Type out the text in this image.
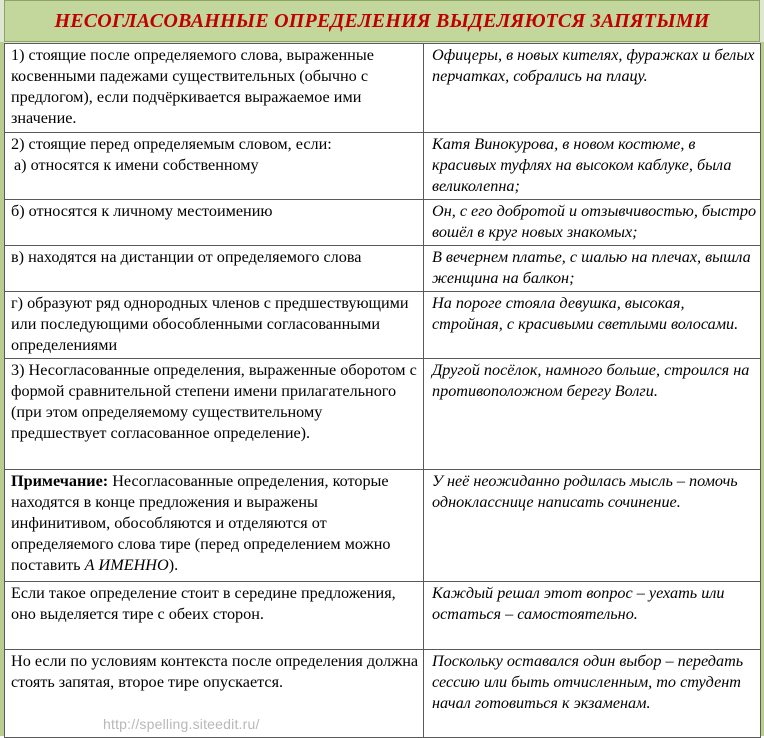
НЕСОГЛАСОВАННЫЕ ОПРЕДЕЛЕНИЯ ВЫДЕЛЯЮТСЯ ЗАПЯТЫМИ
1) стоящие после определяемого слова, выраженные косвенными падежами существительных (обычно с предлогом), если подчёркивается выражаемое ими значение.	Офицеры, в новых кителях, фуражках и белых перчатках, собрались на плацу.

2) стоящие перед определяемым словом, если:
а) относятся к имени собственному	Катя Винокурова, в новом костюме, в красивых туфлях на высоком каблуке, была великолепна;
б) относятся к личному местоимению	Он, с его добротой и отзывчивостью, быстро вошёл в круг новых знакомых;
в) находятся на дистанции от определяемого слова	В вечернем платье, с шалью на плечах, вышла женщина на балкон;
г) образуют ряд однородных членов с предшествующими или последующими обособленными согласованными определениями	На пороге стояла девушка, высокая, стройная, с красивыми светлыми волосами.
3) Несогласованные определения, выраженные оборотом с формой сравнительной степени имени прилагательного (при этом определяемому существительному предшествует согласованное определение).	Другой посёлок, намного больше, строился на противоположном берегу Волги.
Примечание: Несогласованные определения, которые находятся в конце предложения и выражены инфинитивом, обособляются и отделяются от определяемого слова тире (перед определением можно поставить А ИМЕННО).	У неё неожиданно родилась мысль – помочь однокласснице написать сочинение.
Если такое определение стоит в середине предложения, оно выделяется тире с обеих сторон.	Каждый решал этот вопрос – уехать или остаться – самостоятельно.
Но если по условиям контекста после определения должна стоять запятая, второе тире опускается.	Поскольку оставался один выбор – передать сессию или быть отчисленным, то студент начал готовиться к экзаменам.
http://spelling.siteedit.ru/
